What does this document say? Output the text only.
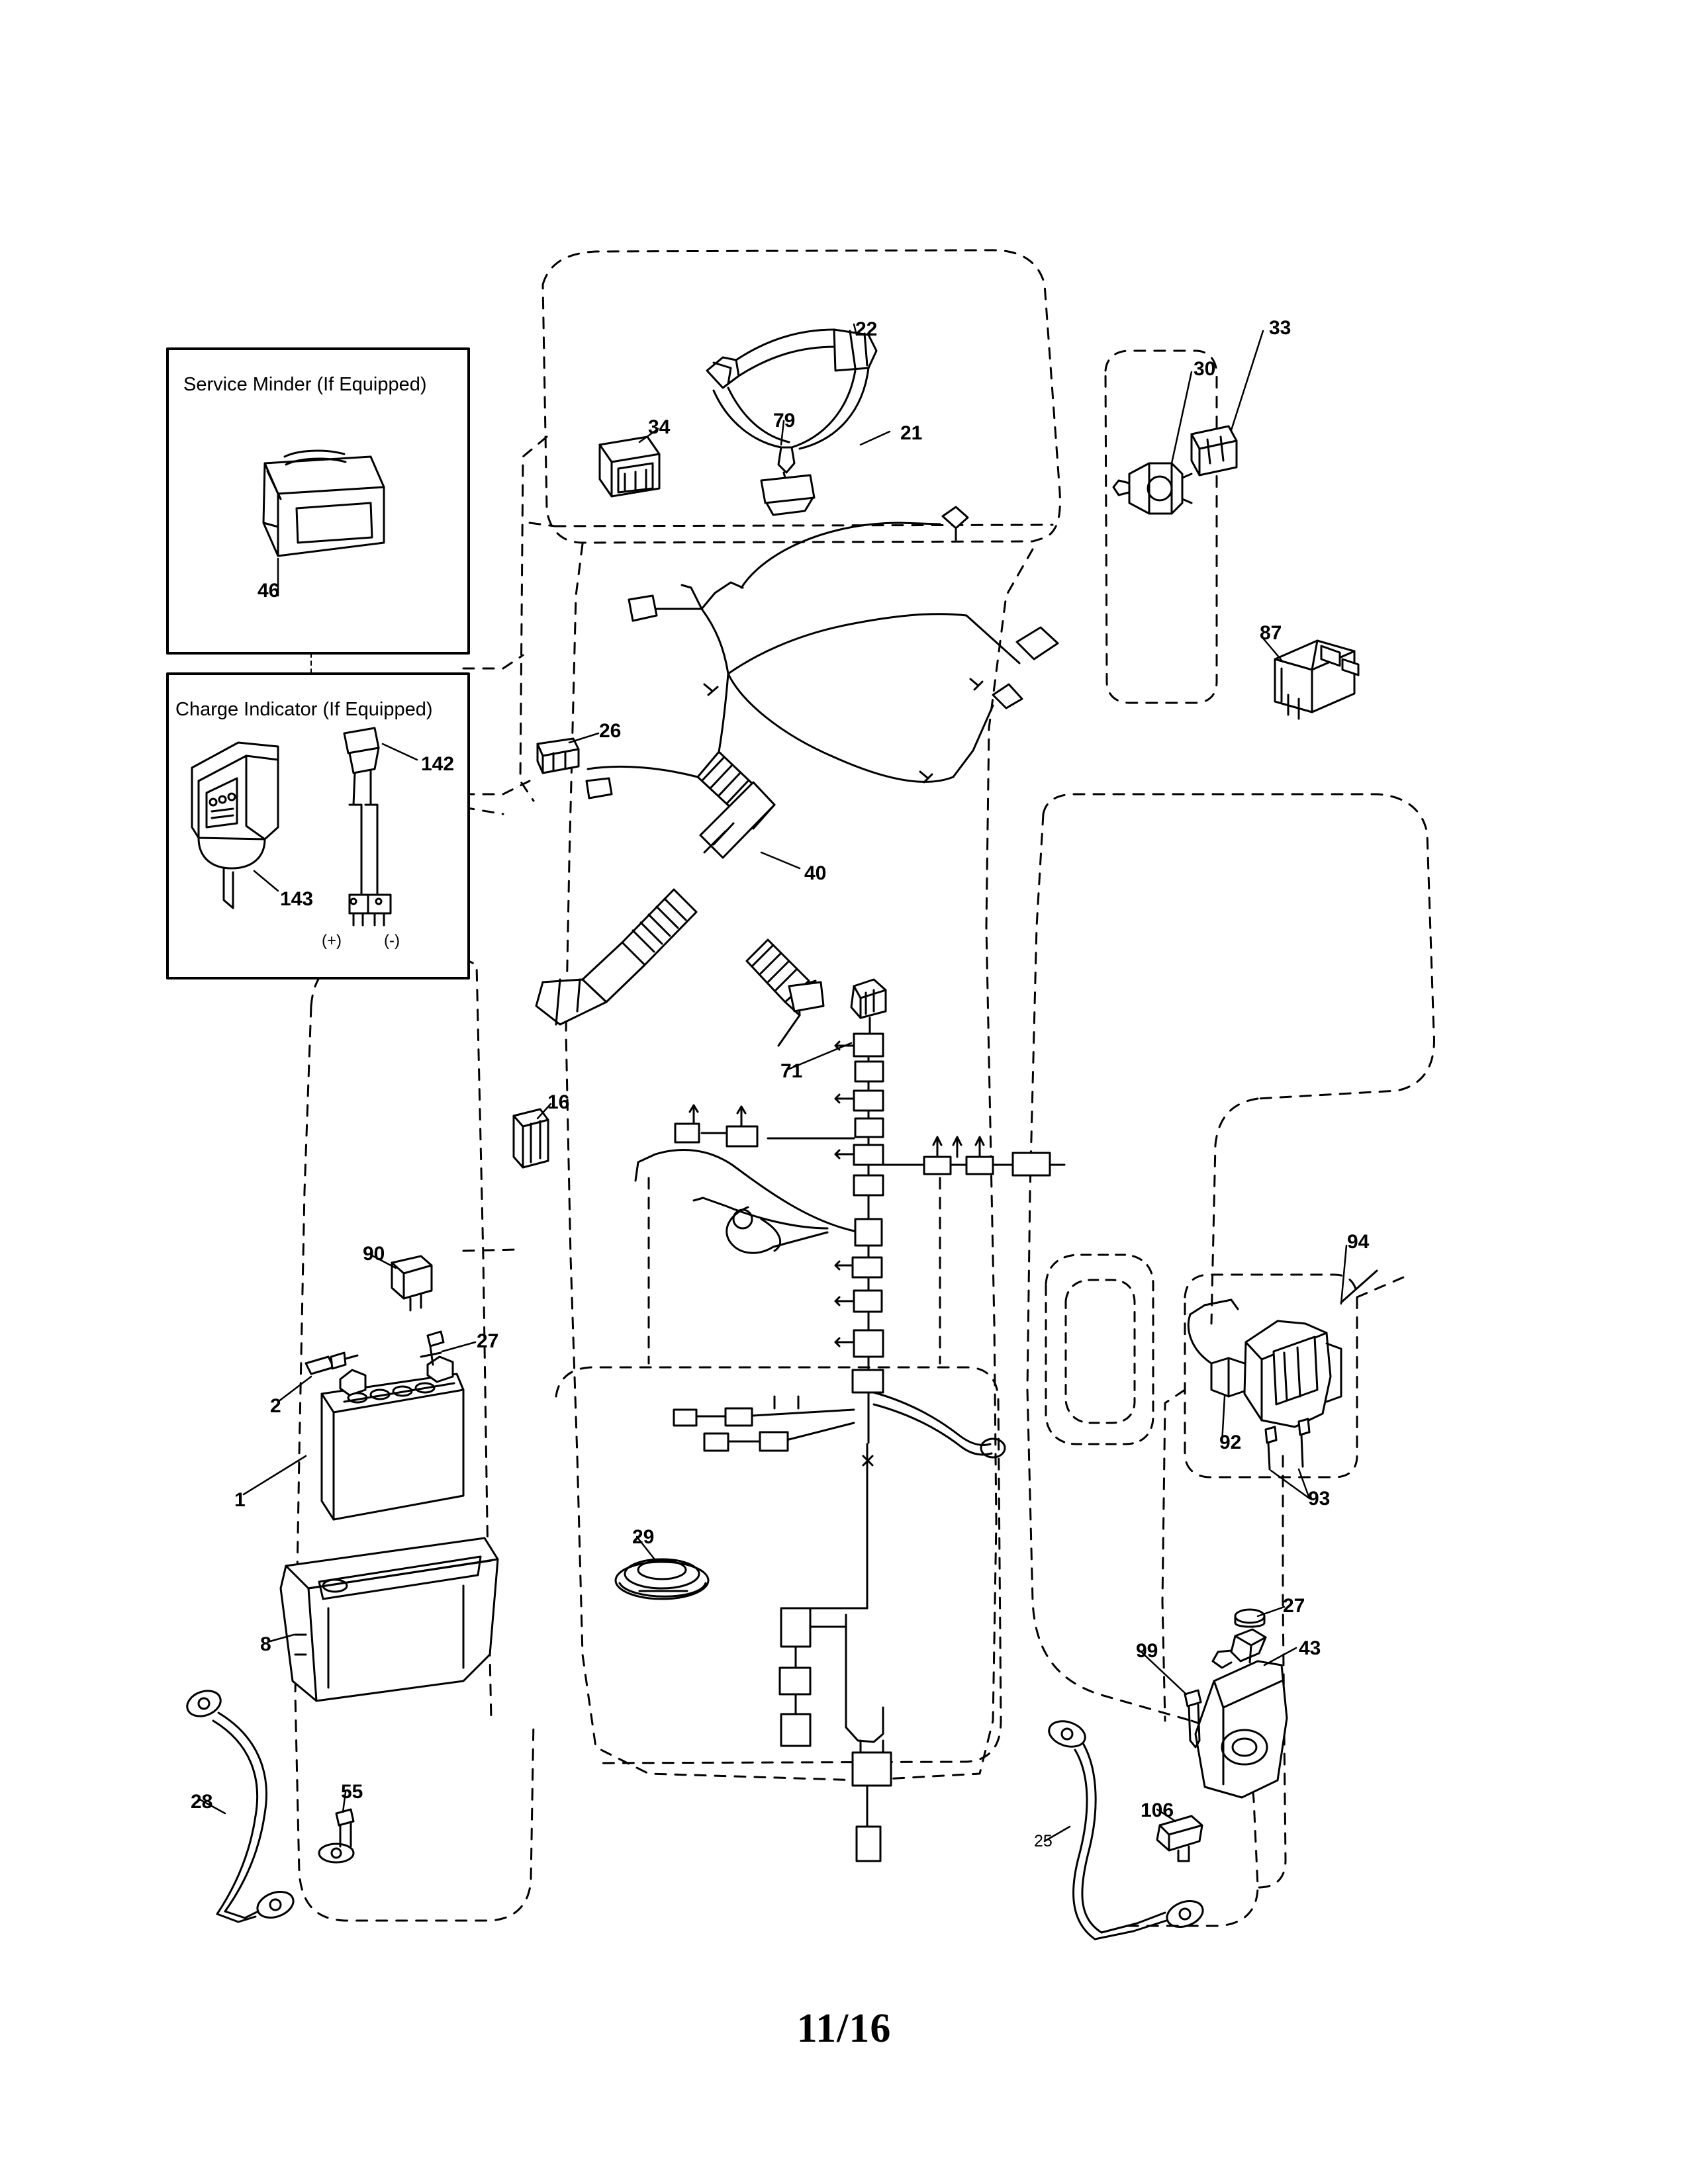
Service Minder (If Equipped)
Charge Indicator (If Equipped)
(+)	(-)
22	33
30
34	79
21
87
26
142
46
143
40
16
71
90
94
27
2
1
92
93
29
8
27
99	43
28	55
106
25
11/16
